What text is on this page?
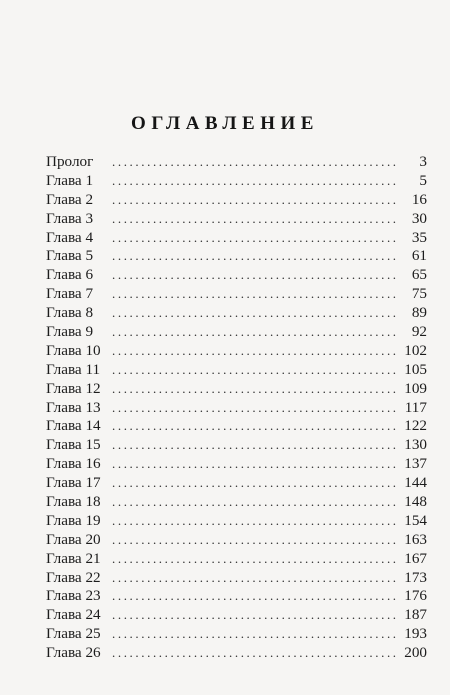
ОГЛАВЛЕНИЕ
Пролог .....	3
Глава 1 .....	5
Глава 2 .....	16
Глава 3 .....	30
Глава 4 .....	35
Глава 5 .....	61
Глава 6 .....	65
Глава 7 .....	75
Глава 8 .....	89
Глава 9 .....	92
Глава 10 .....	102
Глава 11 .....	105
Глава 12 .....	109
Глава 13 .....	117
Глава 14 .....	122
Глава 15 .....	130
Глава 16 .....	137
Глава 17 .....	144
Глава 18 .....	148
Глава 19 .....	154
Глава 20 .....	163
Глава 21 .....	167
Глава 22 .....	173
Глава 23 .....	176
Глава 24 .....	187
Глава 25 .....	193
Глава 26 .....	200
